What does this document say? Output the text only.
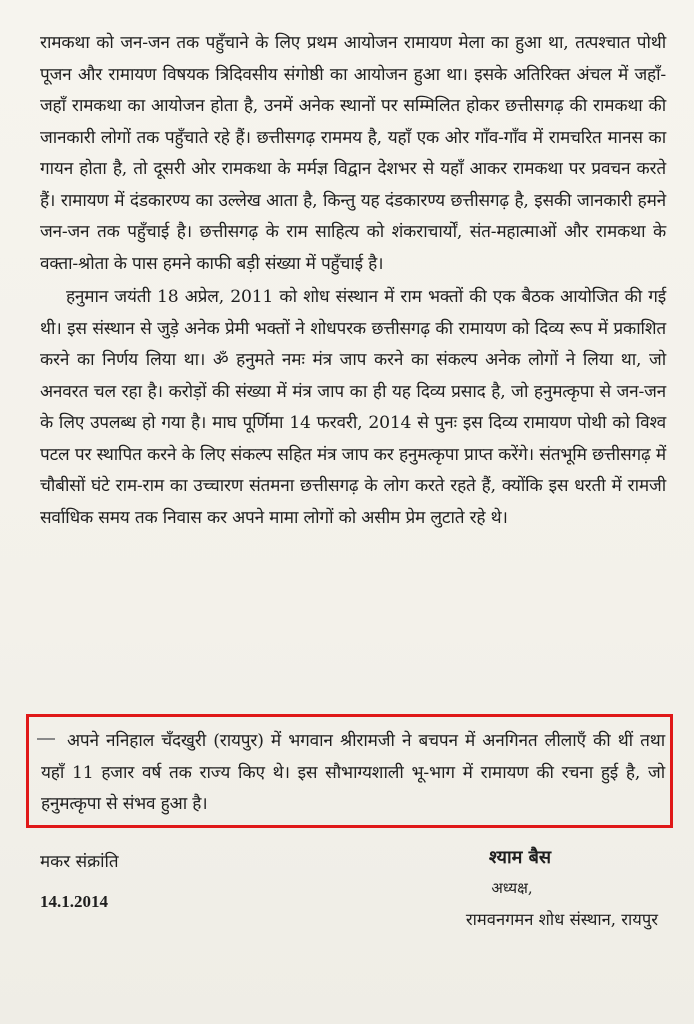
रामकथा को जन-जन तक पहुँचाने के लिए प्रथम आयोजन रामायण मेला का हुआ था, तत्पश्चात पोथी पूजन और रामायण विषयक त्रिदिवसीय संगोष्ठी का आयोजन हुआ था। इसके अतिरिक्त अंचल में जहाँ-जहाँ रामकथा का आयोजन होता है, उनमें अनेक स्थानों पर सम्मिलित होकर छत्तीसगढ़ की रामकथा की जानकारी लोगों तक पहुँचाते रहे हैं। छत्तीसगढ़ राममय है, यहाँ एक ओर गाँव-गाँव में रामचरित मानस का गायन होता है, तो दूसरी ओर रामकथा के मर्मज्ञ विद्वान देशभर से यहाँ आकर रामकथा पर प्रवचन करते हैं। रामायण में दंडकारण्य का उल्लेख आता है, किन्तु यह दंडकारण्य छत्तीसगढ़ है, इसकी जानकारी हमने जन-जन तक पहुँचाई है। छत्तीसगढ़ के राम साहित्य को शंकराचार्यों, संत-महात्माओं और रामकथा के वक्ता-श्रोता के पास हमने काफी बड़ी संख्या में पहुँचाई है।

हनुमान जयंती 18 अप्रेल, 2011 को शोध संस्थान में राम भक्तों की एक बैठक आयोजित की गई थी। इस संस्थान से जुड़े अनेक प्रेमी भक्तों ने शोधपरक छत्तीसगढ़ की रामायण को दिव्य रूप में प्रकाशित करने का निर्णय लिया था। ॐ हनुमते नमः मंत्र जाप करने का संकल्प अनेक लोगों ने लिया था, जो अनवरत चल रहा है। करोड़ों की संख्या में मंत्र जाप का ही यह दिव्य प्रसाद है, जो हनुमत्कृपा से जन-जन के लिए उपलब्ध हो गया है। माघ पूर्णिमा 14 फरवरी, 2014 से पुनः इस दिव्य रामायण पोथी को विश्व पटल पर स्थापित करने के लिए संकल्प सहित मंत्र जाप कर हनुमत्कृपा प्राप्त करेंगे। संतभूमि छत्तीसगढ़ में चौबीसों घंटे राम-राम का उच्चारण संतमना छत्तीसगढ़ के लोग करते रहते हैं, क्योंकि इस धरती में रामजी सर्वाधिक समय तक निवास कर अपने मामा लोगों को असीम प्रेम लुटाते रहे थे।

अपने ननिहाल चँदखुरी (रायपुर) में भगवान श्रीरामजी ने बचपन में अनगिनत लीलाएँ की थीं तथा यहाँ 11 हजार वर्ष तक राज्य किए थे। इस सौभाग्यशाली भू-भाग में रामायण की रचना हुई है, जो हनुमत्कृपा से संभव हुआ है।

मकर संक्रांति
14.1.2014
श्याम बैस
अध्यक्ष,
रामवनगमन शोध संस्थान, रायपुर
